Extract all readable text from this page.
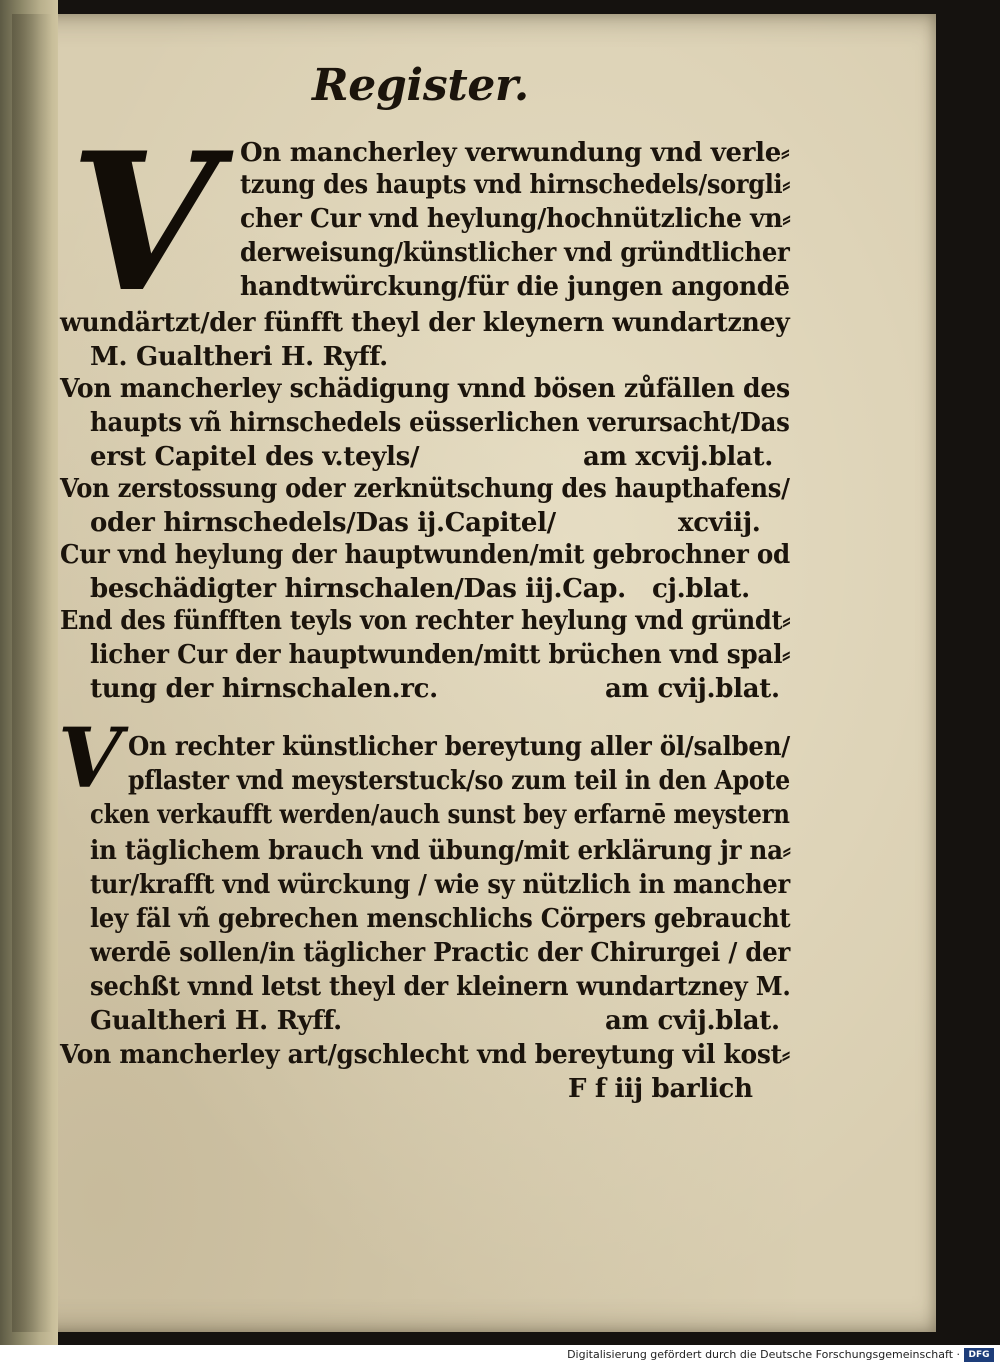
Register.
V On mancherley verwundung vnd verle⸗
tzung des haupts vnd hirnschedels/sorgli⸗
cher Cur vnd heylung/hochnützliche vn⸗
derweisung/künstlicher vnd gründtlicher
handtwürckung/für die jungen angondē
wundärtzt/der fünfft theyl der kleynern wundartzney
M. Gualtheri H. Ryff.
Von mancherley schädigung vnnd bösen zůfällen des
haupts vñ hirnschedels eüsserlichen verursacht/Das
erst Capitel des v.teyls/	am xcvij.blat.
Von zerstossung oder zerknütschung des haupthafens/
oder hirnschedels/Das ij.Capitel/	xcviij.
Cur vnd heylung der hauptwunden/mit gebrochner od
beschädigter hirnschalen/Das iij.Cap. cj.blat.
End des fünfften teyls von rechter heylung vnd gründt⸗
licher Cur der hauptwunden/mitt brüchen vnd spal⸗
tung der hirnschalen.rc.	am cvij.blat.
V On rechter künstlicher bereytung aller öl/salben/
pflaster vnd meysterstuck/so zum teil in den Apote
cken verkaufft werden/auch sunst bey erfarnē meystern
in täglichem brauch vnd übung/mit erklärung jr na⸗
tur/krafft vnd würckung / wie sy nützlich in mancher
ley fäl vñ gebrechen menschlichs Cörpers gebraucht
werdē sollen/in täglicher Practic der Chirurgei / der
sechßt vnnd letst theyl der kleinern wundartzney M.
Gualtheri H. Ryff.	am cvij.blat.
Von mancherley art/gschlecht vnd bereytung vil kost⸗
F f iij barlich
Digitalisierung gefördert durch die Deutsche Forschungsgemeinschaft · DFG
